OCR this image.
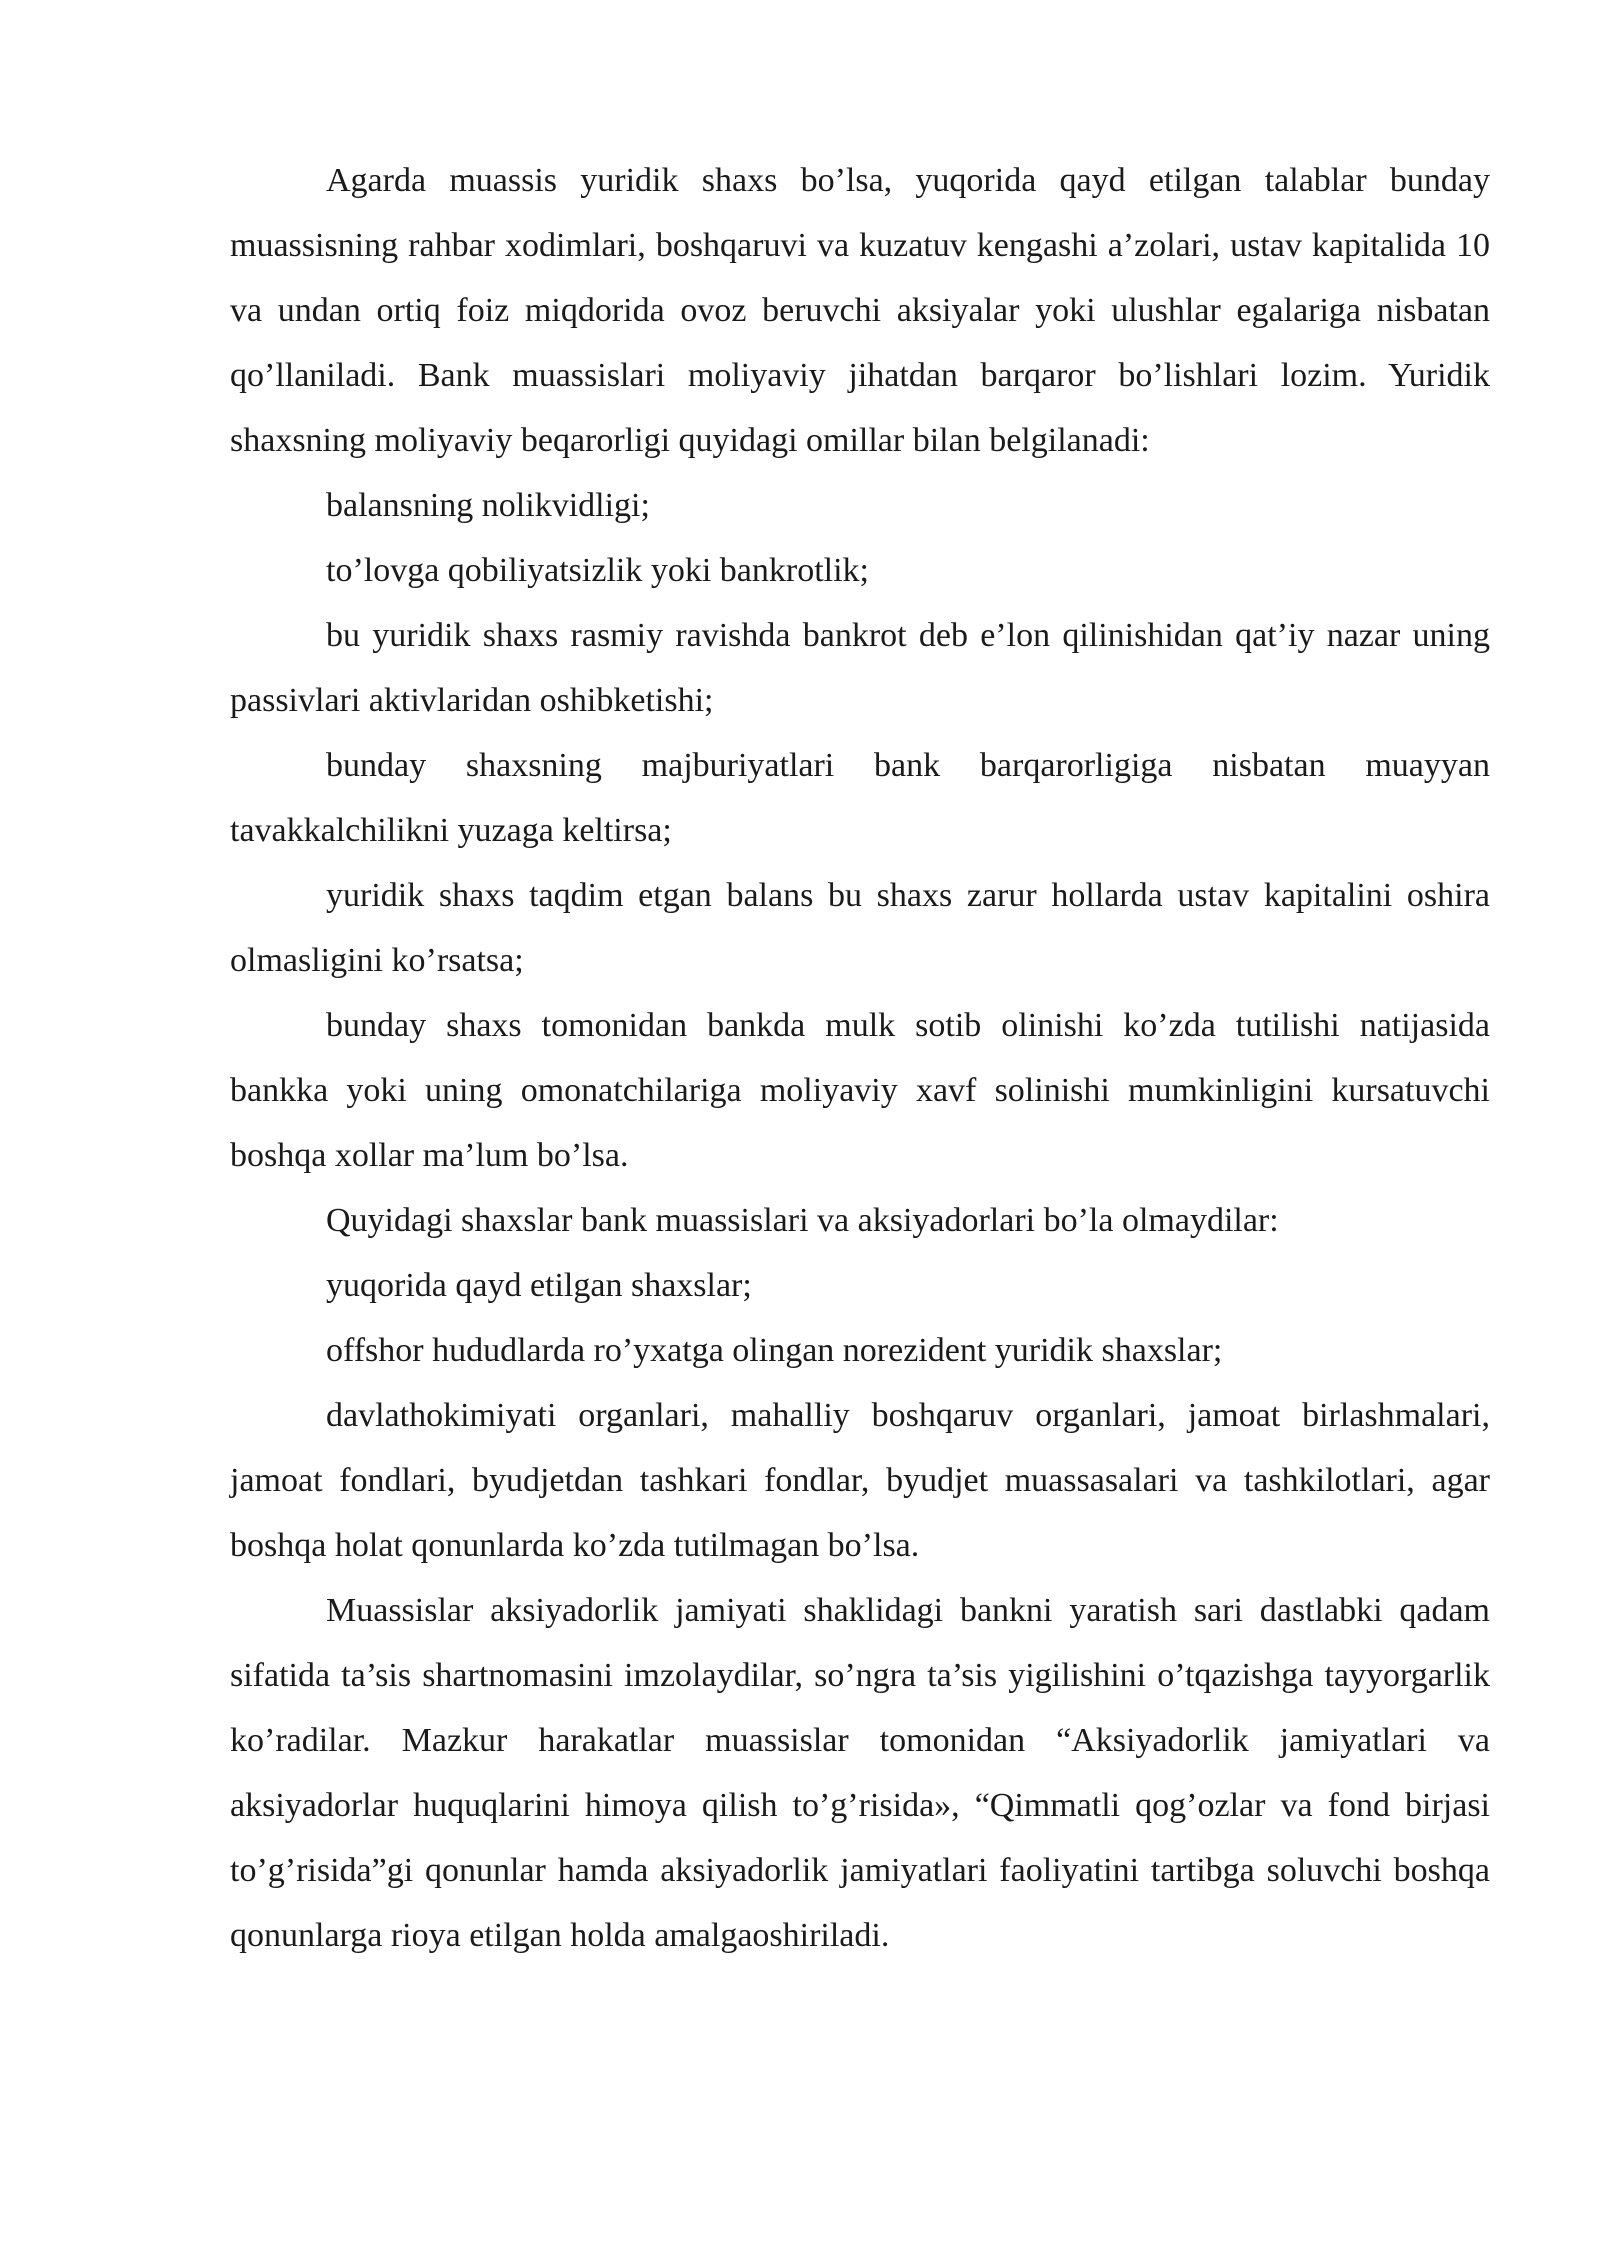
Agarda muassis yuridik shaxs bo’lsa, yuqorida qayd etilgan talablar bunday muassisning rahbar xodimlari, boshqaruvi va kuzatuv kengashi a’zolari, ustav kapitalida 10 va undan ortiq foiz miqdorida ovoz beruvchi aksiyalar yoki ulushlar egalariga nisbatan qo’llaniladi. Bank muassislari moliyaviy jihatdan barqaror bo’lishlari lozim. Yuridik shaxsning moliyaviy beqarorligi quyidagi omillar bilan belgilanadi:

balansning nolikvidligi;

to’lovga qobiliyatsizlik yoki bankrotlik;

bu yuridik shaxs rasmiy ravishda bankrot deb e’lon qilinishidan qat’iy nazar uning passivlari aktivlaridan oshibketishi;

bunday shaxsning majburiyatlari bank barqarorligiga nisbatan muayyan tavakkalchilikni yuzaga keltirsa;

yuridik shaxs taqdim etgan balans bu shaxs zarur hollarda ustav kapitalini oshira olmasligini ko’rsatsa;

bunday shaxs tomonidan bankda mulk sotib olinishi ko’zda tutilishi natijasida bankka yoki uning omonatchilariga moliyaviy xavf solinishi mumkinligini kursatuvchi boshqa xollar ma’lum bo’lsa.

Quyidagi shaxslar bank muassislari va aksiyadorlari bo’la olmaydilar:

yuqorida qayd etilgan shaxslar;

offshor hududlarda ro’yxatga olingan norezident yuridik shaxslar;

davlathokimiyati organlari, mahalliy boshqaruv organlari, jamoat birlashmalari, jamoat fondlari, byudjetdan tashkari fondlar, byudjet muassasalari va tashkilotlari, agar boshqa holat qonunlarda ko’zda tutilmagan bo’lsa.

Muassislar aksiyadorlik jamiyati shaklidagi bankni yaratish sari dastlabki qadam sifatida ta’sis shartnomasini imzolaydilar, so’ngra ta’sis yigilishini o’tqazishga tayyorgarlik ko’radilar. Mazkur harakatlar muassislar tomonidan “Aksiyadorlik jamiyatlari va aksiyadorlar huquqlarini himoya qilish to’g’risida», “Qimmatli qog’ozlar va fond birjasi to’g’risida”gi qonunlar hamda aksiyadorlik jamiyatlari faoliyatini tartibga soluvchi boshqa qonunlarga rioya etilgan holda amalgaoshiriladi.
